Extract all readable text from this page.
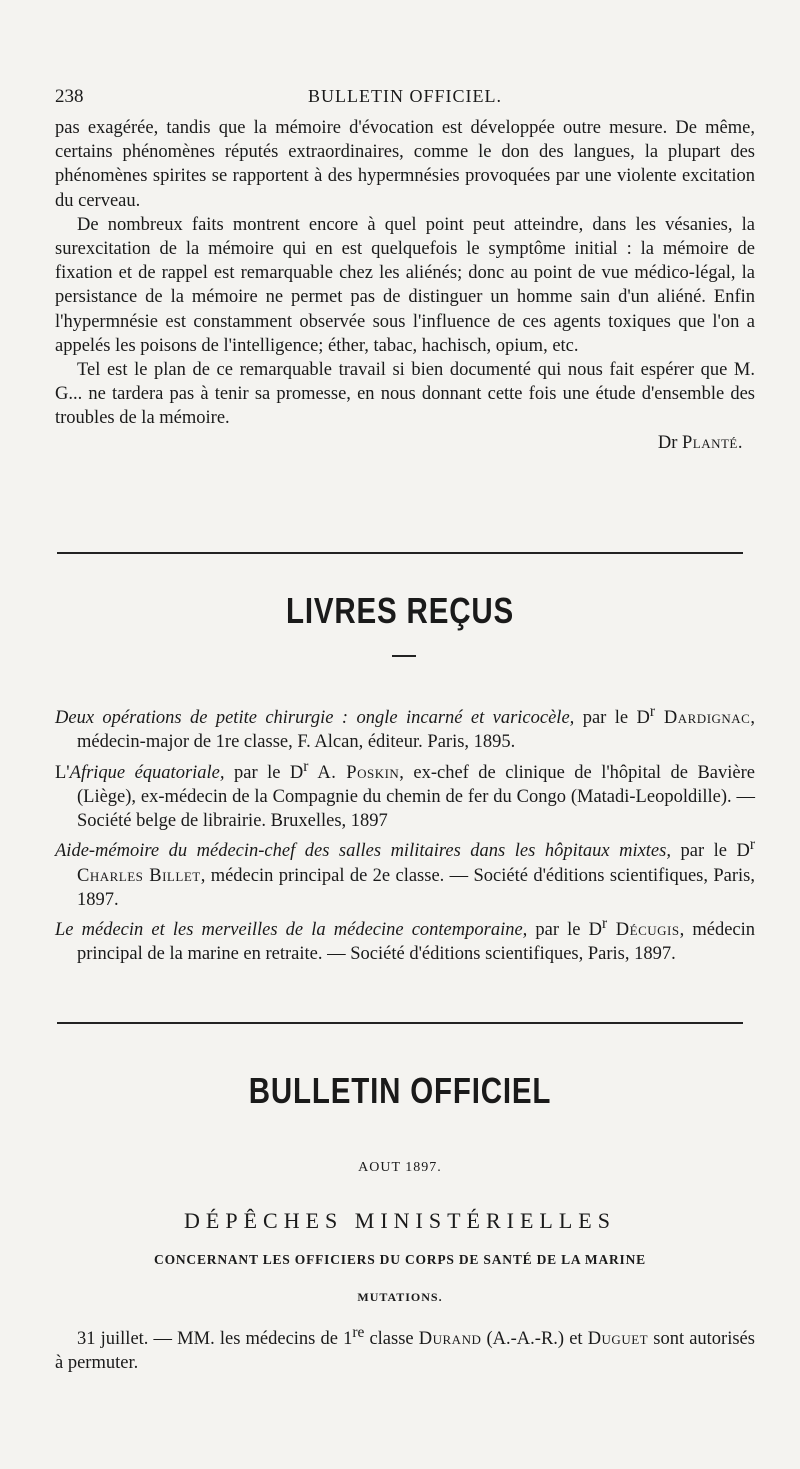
238	BULLETIN OFFICIEL.

pas exagérée, tandis que la mémoire d'évocation est développée outre mesure. De même, certains phénomènes réputés extraordinaires, comme le don des langues, la plupart des phénomènes spirites se rapportent à des hypermnésies provoquées par une violente excitation du cerveau.

De nombreux faits montrent encore à quel point peut atteindre, dans les vésanies, la surexcitation de la mémoire qui en est quelquefois le symptôme initial : la mémoire de fixation et de rappel est remarquable chez les aliénés; donc au point de vue médico-légal, la persistance de la mémoire ne permet pas de distinguer un homme sain d'un aliéné. Enfin l'hypermnésie est constamment observée sous l'influence de ces agents toxiques que l'on a appelés les poisons de l'intelligence; éther, tabac, hachisch, opium, etc.

Tel est le plan de ce remarquable travail si bien documenté qui nous fait espérer que M. G... ne tardera pas à tenir sa promesse, en nous donnant cette fois une étude d'ensemble des troubles de la mémoire.

Dr Planté.

LIVRES REÇUS

Deux opérations de petite chirurgie : ongle incarné et varicocèle, par le $D^r$ Dardignac, médecin-major de 1re classe, F. Alcan, éditeur. Paris, 1895.

L'Afrique équatoriale, par le $D^r$ A. Poskin, ex-chef de clinique de l'hôpital de Bavière (Liège), ex-médecin de la Compagnie du chemin de fer du Congo (Matadi-Leopoldille). — Société belge de librairie. Bruxelles, 1897

Aide-mémoire du médecin-chef des salles militaires dans les hôpitaux mixtes, par le $D^r$ Charles Billet, médecin principal de 2e classe. — Société d'éditions scientifiques, Paris, 1897.

Le médecin et les merveilles de la médecine contemporaine, par le $D^r$ Décugis, médecin principal de la marine en retraite. — Société d'éditions scientifiques, Paris, 1897.

BULLETIN OFFICIEL
AOUT 1897.
DÉPÊCHES MINISTÉRIELLES
CONCERNANT LES OFFICIERS DU CORPS DE SANTÉ DE LA MARINE
MUTATIONS.

31 juillet. — MM. les médecins de 1re classe Durand (A.-A.-R.) et Duguet sont autorisés à permuter.
